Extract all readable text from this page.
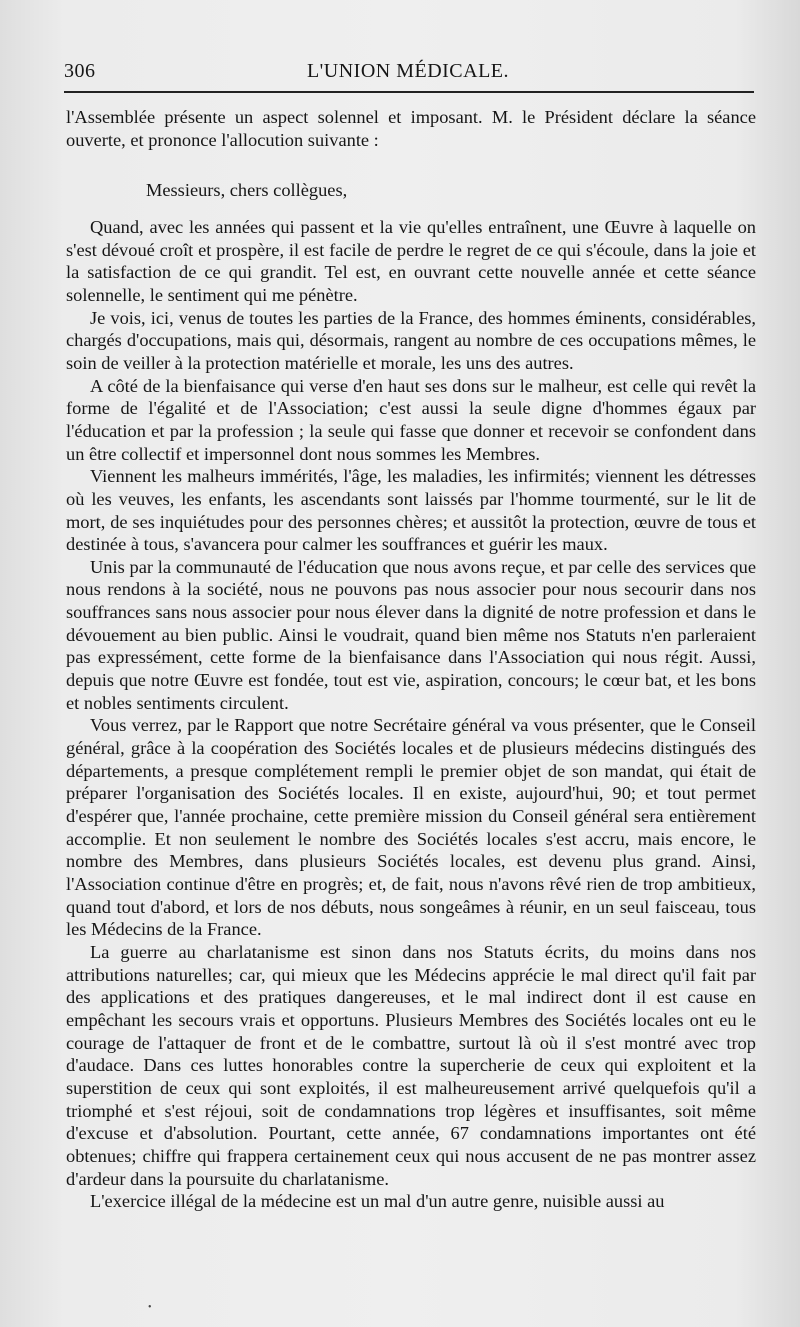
306	L'UNION MÉDICALE.

l'Assemblée présente un aspect solennel et imposant. M. le Président déclare la séance ouverte, et prononce l'allocution suivante :

Messieurs, chers collègues,

Quand, avec les années qui passent et la vie qu'elles entraînent, une Œuvre à laquelle on s'est dévoué croît et prospère, il est facile de perdre le regret de ce qui s'écoule, dans la joie et la satisfaction de ce qui grandit. Tel est, en ouvrant cette nouvelle année et cette séance solennelle, le sentiment qui me pénètre.

Je vois, ici, venus de toutes les parties de la France, des hommes éminents, considérables, chargés d'occupations, mais qui, désormais, rangent au nombre de ces occupations mêmes, le soin de veiller à la protection matérielle et morale, les uns des autres.

A côté de la bienfaisance qui verse d'en haut ses dons sur le malheur, est celle qui revêt la forme de l'égalité et de l'Association; c'est aussi la seule digne d'hommes égaux par l'éducation et par la profession ; la seule qui fasse que donner et recevoir se confondent dans un être collectif et impersonnel dont nous sommes les Membres.

Viennent les malheurs immérités, l'âge, les maladies, les infirmités; viennent les détresses où les veuves, les enfants, les ascendants sont laissés par l'homme tourmenté, sur le lit de mort, de ses inquiétudes pour des personnes chères; et aussitôt la protection, œuvre de tous et destinée à tous, s'avancera pour calmer les souffrances et guérir les maux.

Unis par la communauté de l'éducation que nous avons reçue, et par celle des services que nous rendons à la société, nous ne pouvons pas nous associer pour nous secourir dans nos souffrances sans nous associer pour nous élever dans la dignité de notre profession et dans le dévouement au bien public. Ainsi le voudrait, quand bien même nos Statuts n'en parleraient pas expressément, cette forme de la bienfaisance dans l'Association qui nous régit. Aussi, depuis que notre Œuvre est fondée, tout est vie, aspiration, concours; le cœur bat, et les bons et nobles sentiments circulent.

Vous verrez, par le Rapport que notre Secrétaire général va vous présenter, que le Conseil général, grâce à la coopération des Sociétés locales et de plusieurs médecins distingués des départements, a presque complétement rempli le premier objet de son mandat, qui était de préparer l'organisation des Sociétés locales. Il en existe, aujourd'hui, 90; et tout permet d'espérer que, l'année prochaine, cette première mission du Conseil général sera entièrement accomplie. Et non seulement le nombre des Sociétés locales s'est accru, mais encore, le nombre des Membres, dans plusieurs Sociétés locales, est devenu plus grand. Ainsi, l'Association continue d'être en progrès; et, de fait, nous n'avons rêvé rien de trop ambitieux, quand tout d'abord, et lors de nos débuts, nous songeâmes à réunir, en un seul faisceau, tous les Médecins de la France.

La guerre au charlatanisme est sinon dans nos Statuts écrits, du moins dans nos attributions naturelles; car, qui mieux que les Médecins apprécie le mal direct qu'il fait par des applications et des pratiques dangereuses, et le mal indirect dont il est cause en empêchant les secours vrais et opportuns. Plusieurs Membres des Sociétés locales ont eu le courage de l'attaquer de front et de le combattre, surtout là où il s'est montré avec trop d'audace. Dans ces luttes honorables contre la supercherie de ceux qui exploitent et la superstition de ceux qui sont exploités, il est malheureusement arrivé quelquefois qu'il a triomphé et s'est réjoui, soit de condamnations trop légères et insuffisantes, soit même d'excuse et d'absolution. Pourtant, cette année, 67 condamnations importantes ont été obtenues; chiffre qui frappera certainement ceux qui nous accusent de ne pas montrer assez d'ardeur dans la poursuite du charlatanisme.

L'exercice illégal de la médecine est un mal d'un autre genre, nuisible aussi au

•
